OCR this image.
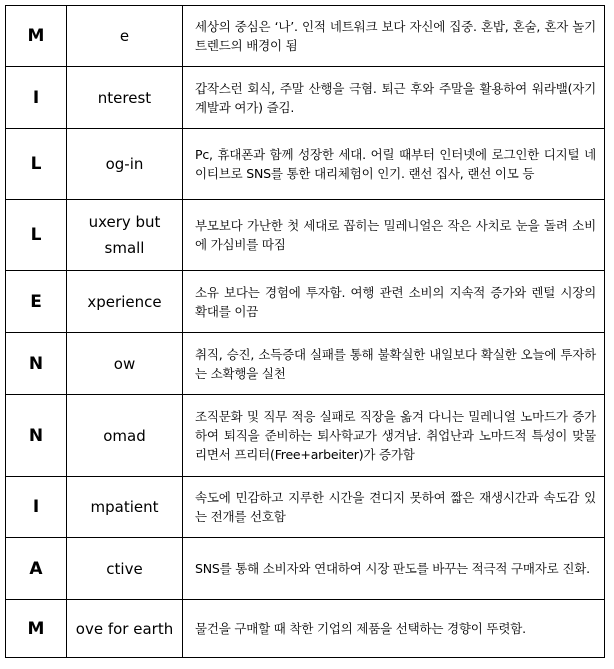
M	e	세상의 중심은 ‘나’. 인적 네트워크 보다 자신에 집중. 혼밥, 혼술, 혼자 놀기 트렌드의 배경이 됨
I	nterest	갑작스런 회식, 주말 산행을 극혐. 퇴근 후와 주말을 활용하여 워라밸(자기계발과 여가) 즐김.
L	og-in	Pc, 휴대폰과 함께 성장한 세대. 어릴 때부터 인터넷에 로그인한 디지털 네이티브로 SNS를 통한 대리체험이 인기. 랜선 집사, 랜선 이모 등
L	uxery but small	부모보다 가난한 첫 세대로 꼽히는 밀레니얼은 작은 사치로 눈을 돌려 소비에 가심비를 따짐
E	xperience	소유 보다는 경험에 투자함. 여행 관련 소비의 지속적 증가와 렌털 시장의 확대를 이끔
N	ow	취직, 승진, 소득증대 실패를 통해 불확실한 내일보다 확실한 오늘에 투자하는 소확행을 실천
N	omad	조직문화 및 직무 적응 실패로 직장을 옮겨 다니는 밀레니얼 노마드가 증가하여 퇴직을 준비하는 퇴사학교가 생겨남. 취업난과 노마드적 특성이 맞물리면서 프리터(Free+arbeiter)가 증가함
I	mpatient	속도에 민감하고 지루한 시간을 견디지 못하여 짧은 재생시간과 속도감 있는 전개를 선호함
A	ctive	SNS를 통해 소비자와 연대하여 시장 판도를 바꾸는 적극적 구매자로 진화.
M	ove for earth	물건을 구매할 때 착한 기업의 제품을 선택하는 경향이 뚜렷함.
